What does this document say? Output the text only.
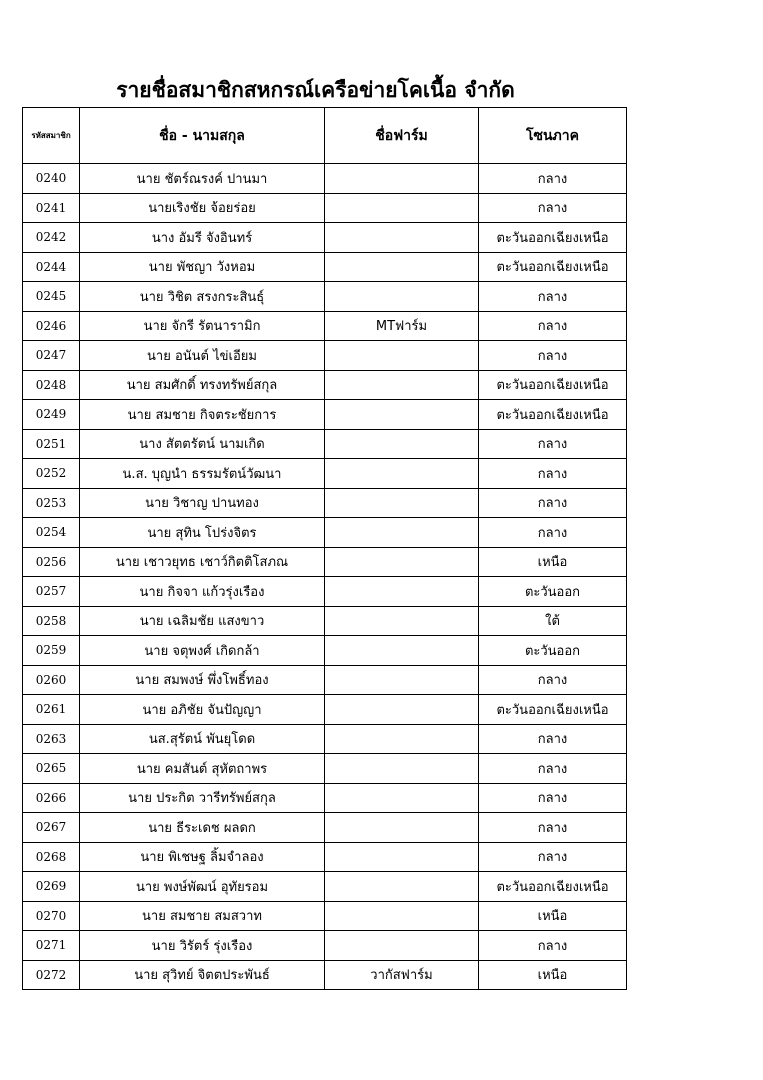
รายชื่อสมาชิกสหกรณ์เครือข่ายโคเนื้อ จำกัด
รหัสสมาชิก	ชื่อ - นามสกุล	ชื่อฟาร์ม	โซนภาค
0240	นาย ชัตร์ณรงค์ ปานมา		กลาง
0241	นายเริงชัย จ้อยร่อย		กลาง
0242	นาง อัมรี จังอินทร์		ตะวันออกเฉียงเหนือ
0244	นาย พัชญา วังหอม		ตะวันออกเฉียงเหนือ
0245	นาย วิชิต สรงกระสินธุ์		กลาง
0246	นาย จักรี รัตนารามิก	MTฟาร์ม	กลาง
0247	นาย อนันต์ ไข่เอียม		กลาง
0248	นาย สมศักดิ์ ทรงทรัพย์สกุล		ตะวันออกเฉียงเหนือ
0249	นาย สมชาย กิจตระชัยการ		ตะวันออกเฉียงเหนือ
0251	นาง สัตตรัตน์ นามเกิด		กลาง
0252	น.ส. บุญนำ ธรรมรัตน์วัฒนา		กลาง
0253	นาย วิชาญ ปานทอง		กลาง
0254	นาย สุทิน โปร่งจิตร		กลาง
0256	นาย เชาวยุทธ เชาว์กิตติโสภณ		เหนือ
0257	นาย กิจจา แก้วรุ่งเรือง		ตะวันออก
0258	นาย เฉลิมชัย แสงขาว		ใต้
0259	นาย จตุพงศ์ เกิดกล้า		ตะวันออก
0260	นาย สมพงษ์ พึ่งโพธิ์ทอง		กลาง
0261	นาย อภิชัย จันปัญญา		ตะวันออกเฉียงเหนือ
0263	นส.สุรัตน์ พันยุโดด		กลาง
0265	นาย คมสันต์ สุหัตถาพร		กลาง
0266	นาย ประกิต วารีทรัพย์สกุล		กลาง
0267	นาย ธีระเดช ผลดก		กลาง
0268	นาย พิเชษฐ ลิ้มจำลอง		กลาง
0269	นาย พงษ์พัฒน์ อุทัยรอม		ตะวันออกเฉียงเหนือ
0270	นาย สมชาย สมสวาท		เหนือ
0271	นาย วิรัตร์ รุ่งเรือง		กลาง
0272	นาย สุวิทย์ จิตตประพันธ์	วากัสฟาร์ม	เหนือ
